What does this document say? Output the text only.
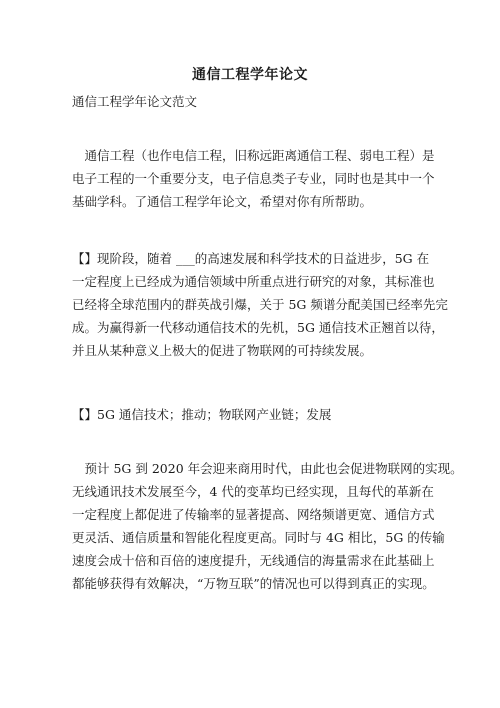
通信工程学年论文

通信工程学年论文范文

　通信工程（也作电信工程，旧称远距离通信工程、弱电工程）是
电子工程的一个重要分支，电子信息类子专业，同时也是其中一个
基础学科。了通信工程学年论文，希望对你有所帮助。

【】现阶段，随着 ___的高速发展和科学技术的日益进步，5G 在
一定程度上已经成为通信领域中所重点进行研究的对象，其标准也
已经将全球范围内的群英战引爆，关于 5G 频谱分配美国已经率先完
成。为赢得新一代移动通信技术的先机，5G 通信技术正翘首以待，
并且从某种意义上极大的促进了物联网的可持续发展。

【】5G 通信技术；推动；物联网产业链；发展

　预计 5G 到 2020 年会迎来商用时代，由此也会促进物联网的实现。
无线通讯技术发展至今，4 代的变革均已经实现，且每代的革新在
一定程度上都促进了传输率的显著提高、网络频谱更宽、通信方式
更灵活、通信质量和智能化程度更高。同时与 4G 相比，5G 的传输
速度会成十倍和百倍的速度提升，无线通信的海量需求在此基础上
都能够获得有效解决，“万物互联”的情况也可以得到真正的实现。
